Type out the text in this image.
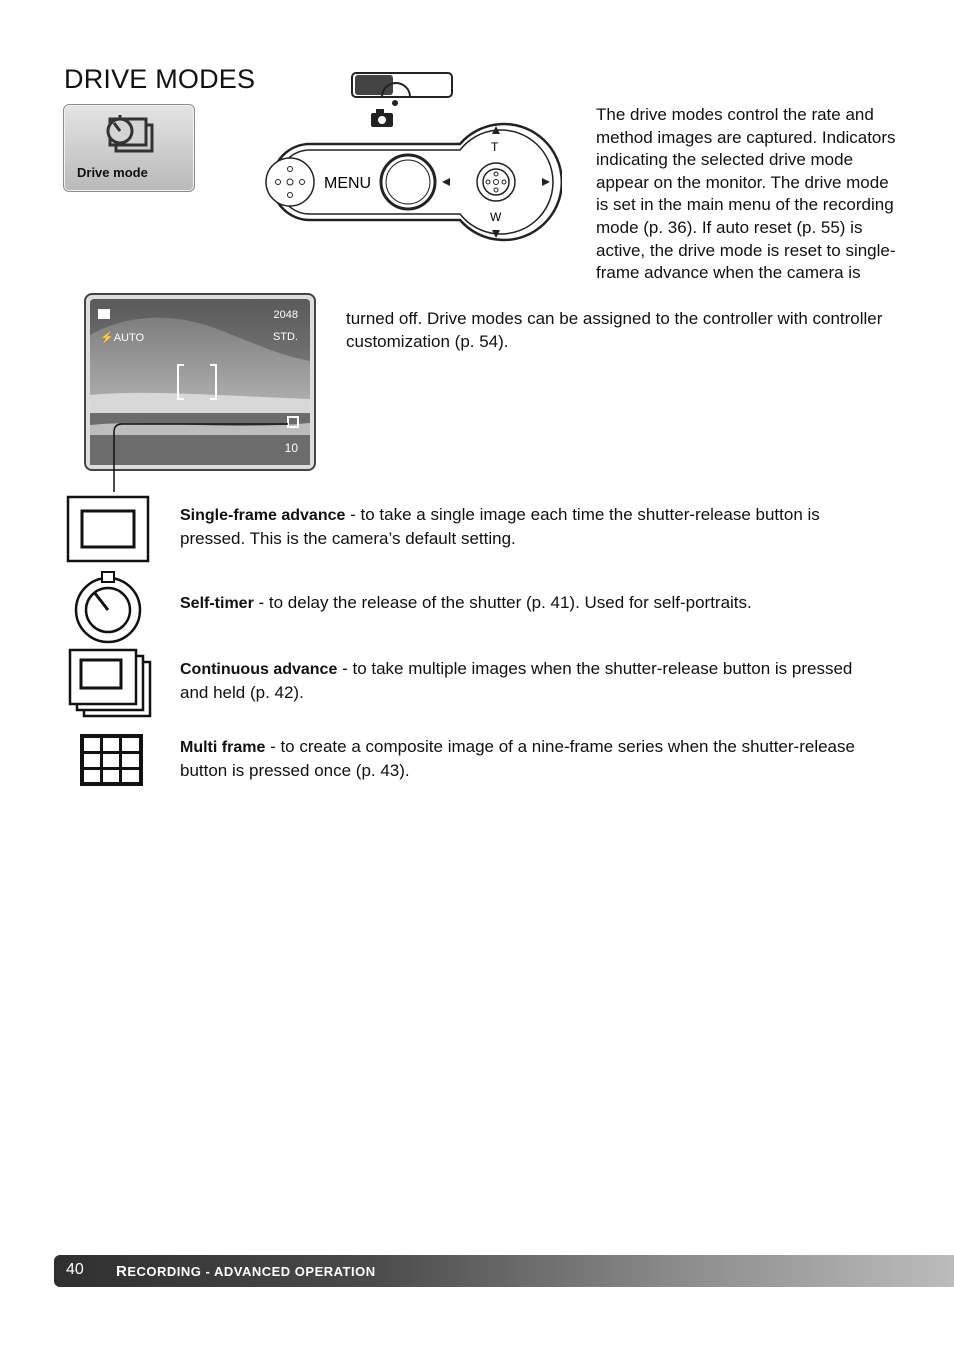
DRIVE MODES
Drive mode
MENU
T
W
The drive modes control the rate and method images are captured. Indicators indicating the selected drive mode appear on the monitor. The drive mode is set in the main menu of the recording mode (p. 36). If auto reset (p. 55) is active, the drive mode is reset to single-frame advance when the camera is
turned off. Drive modes can be assigned to the controller with controller customization (p. 54).
2048
STD.
⚡AUTO
10
Single-frame advance - to take a single image each time the shutter-release button is pressed. This is the camera’s default setting.
Self-timer - to delay the release of the shutter (p. 41). Used for self-portraits.
Continuous advance - to take multiple images when the shutter-release button is pressed and held (p. 42).
Multi frame - to create a composite image of a nine-frame series when the shutter-release button is pressed once (p. 43).
40 RECORDING - ADVANCED OPERATION
